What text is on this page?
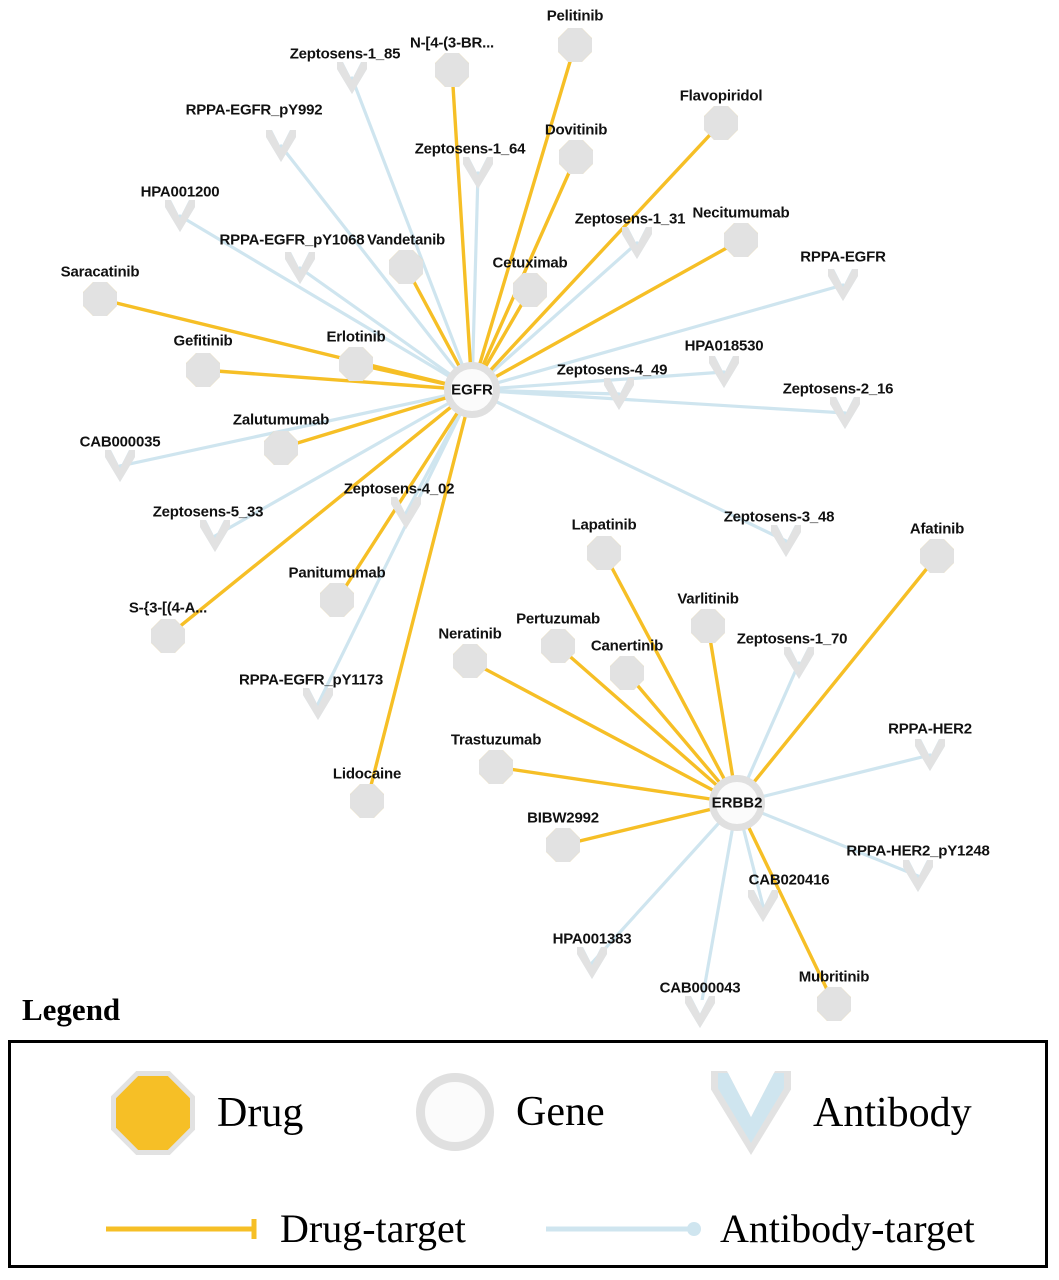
Zeptosens-1_85
Zeptosens-1_64
RPPA-EGFR_pY992
HPA001200
Zeptosens-1_31
RPPA-EGFR_pY1068
RPPA-EGFR
HPA018530
Zeptosens-4_49
Zeptosens-2_16
CAB000035
Zeptosens-4_02
Zeptosens-5_33	Zeptosens-3_48
Zeptosens-1_70
RPPA-EGFR_pY1173
RPPA-HER2
RPPA-HER2_pY1248
CAB020416
HPA001383
CAB000043
Pelitinib
N-[4-(3-BR...
Flavopiridol
Dovitinib
Necitumumab
Vandetanib
Cetuximab
Saracatinib
Erlotinib
Gefitinib
Zalutumumab
Lapatinib	Afatinib
Panitumumab
Varlitinib
S-{3-[(4-A...
Pertuzumab
Neratinib
Canertinib
Trastuzumab
Lidocaine
BIBW2992
Mubritinib
EGFR
ERBB2
Legend
Drug	Gene	Antibody
Drug-target	Antibody-target
